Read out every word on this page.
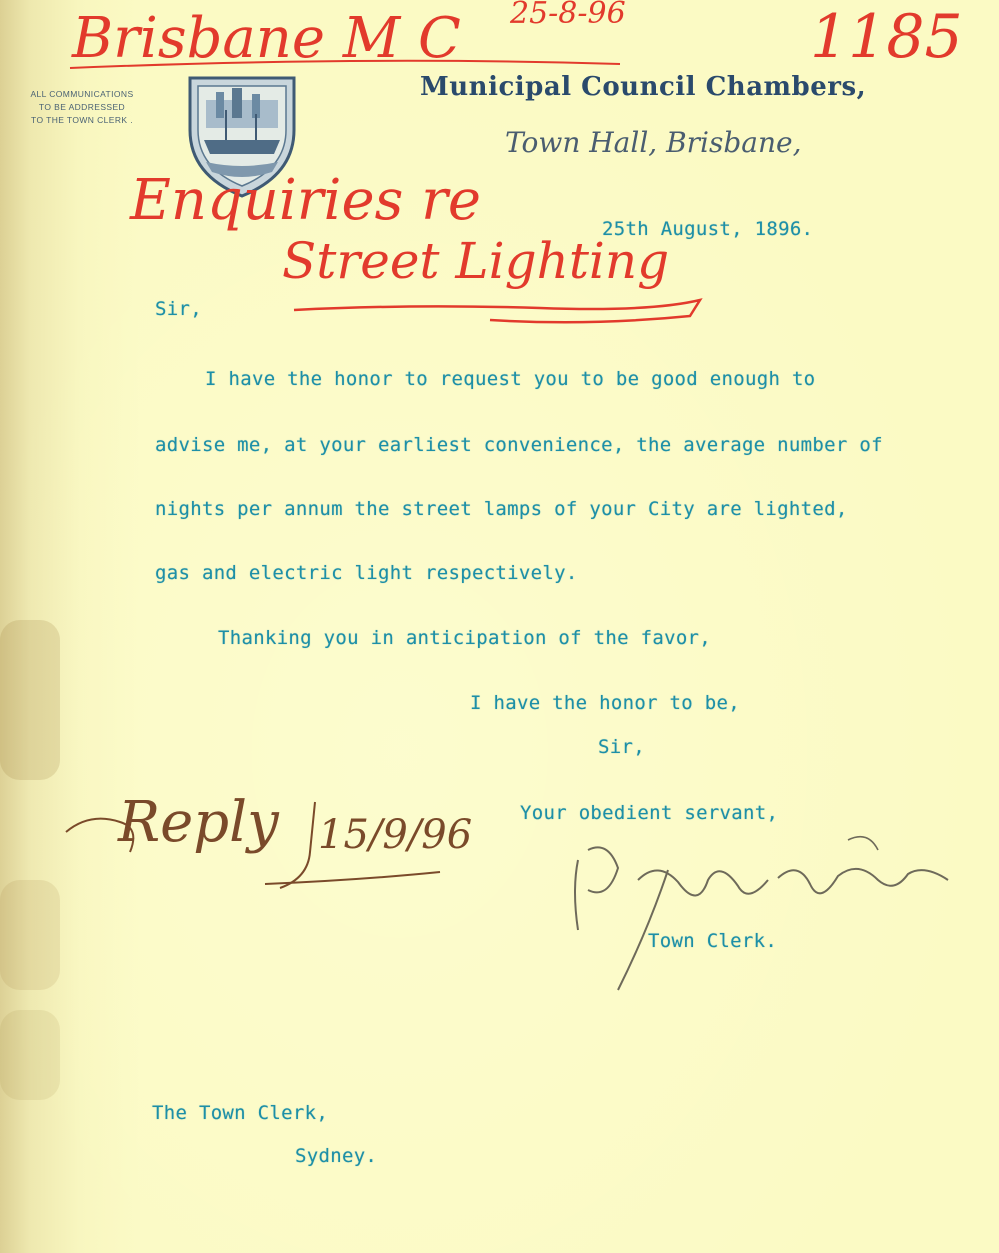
ALL COMMUNICATIONS
TO BE ADDRESSED
TO THE TOWN CLERK .
Municipal Council Chambers,
Town Hall, Brisbane,
Brisbane M C 25-8-96	1185
Enquiries re
Street Lighting
25th August, 1896.
Sir,
I have the honor to request you to be good enough to
advise me, at your earliest convenience, the average number of
nights per annum the street lamps of your City are lighted,
gas and electric light respectively.
Thanking you in anticipation of the favor,
I have the honor to be,
Sir,
Your obedient servant,
Reply 15/9/96
Town Clerk.
The Town Clerk,
Sydney.
